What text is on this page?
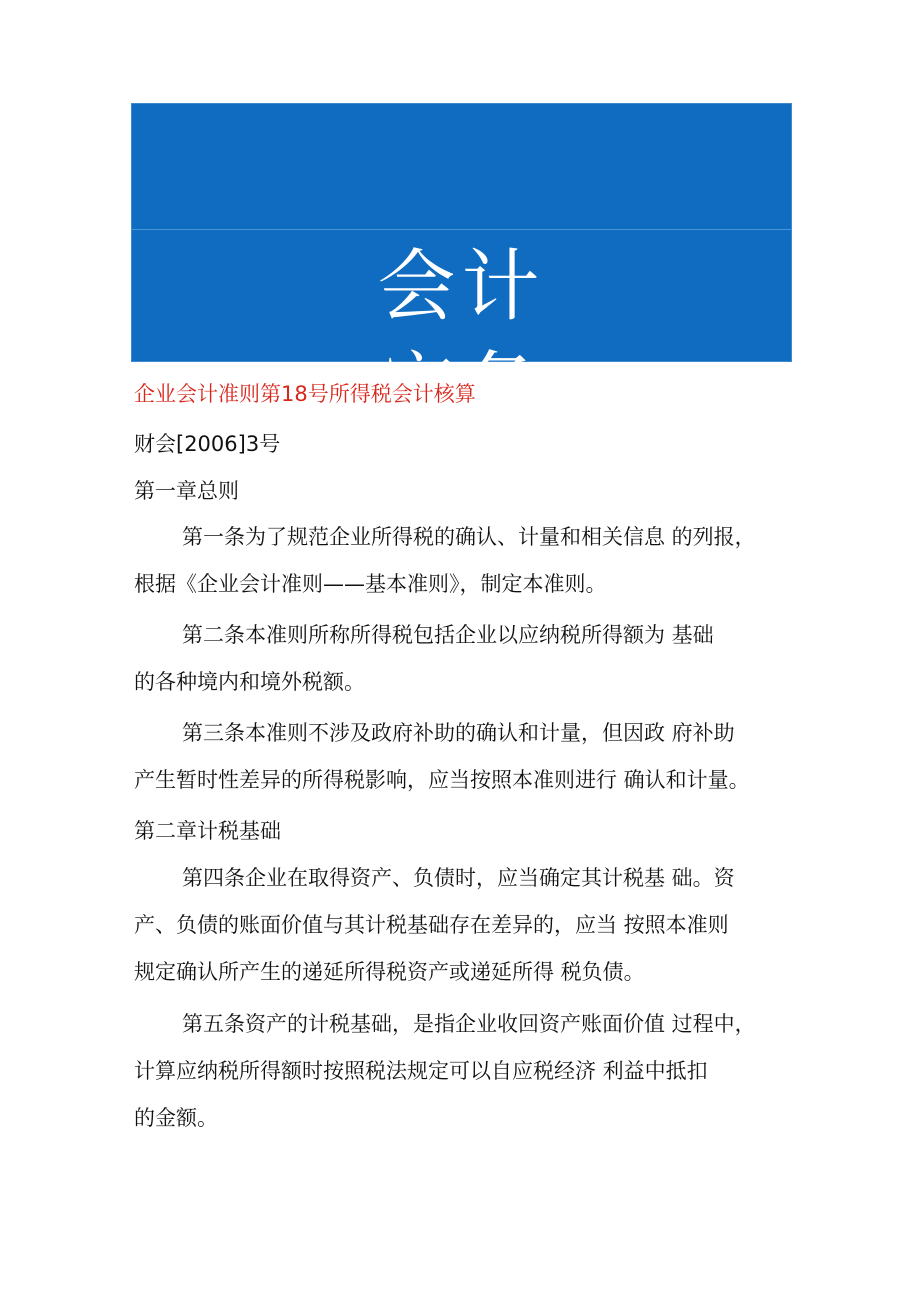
会计
实务
企业会计准则第18号所得税会计核算
财会[2006]3号
第一章总则
第一条为了规范企业所得税的确认、计量和相关信息 的列报，
根据《企业会计准则——基本准则》，制定本准则。
第二条本准则所称所得税包括企业以应纳税所得额为 基础
的各种境内和境外税额。
第三条本准则不涉及政府补助的确认和计量，但因政 府补助
产生暂时性差异的所得税影响，应当按照本准则进行 确认和计量。
第二章计税基础
第四条企业在取得资产、负债时，应当确定其计税基 础。资
产、负债的账面价值与其计税基础存在差异的，应当 按照本准则
规定确认所产生的递延所得税资产或递延所得 税负债。
第五条资产的计税基础，是指企业收回资产账面价值 过程中，
计算应纳税所得额时按照税法规定可以自应税经济 利益中抵扣
的金额。
